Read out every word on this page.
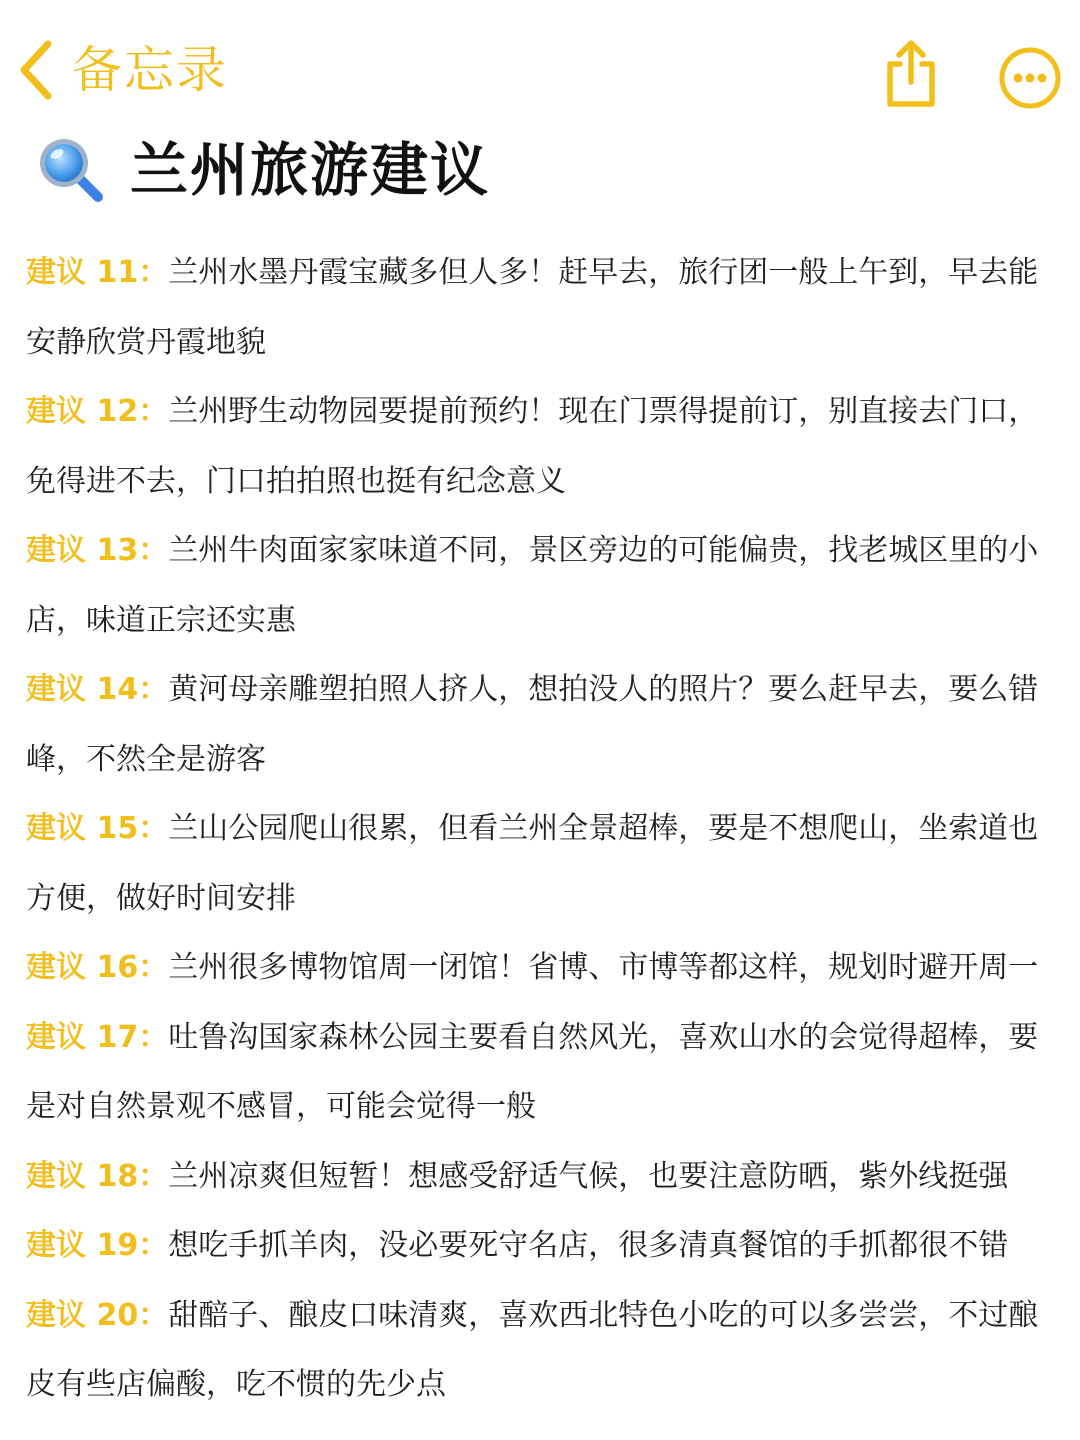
备忘录
兰州旅游建议

建议 11：兰州水墨丹霞宝藏多但人多！赶早去，旅行团一般上午到，早去能安静欣赏丹霞地貌

建议 12：兰州野生动物园要提前预约！现在门票得提前订，别直接去门口，免得进不去，门口拍拍照也挺有纪念意义

建议 13：兰州牛肉面家家味道不同，景区旁边的可能偏贵，找老城区里的小店，味道正宗还实惠

建议 14：黄河母亲雕塑拍照人挤人，想拍没人的照片？要么赶早去，要么错峰，不然全是游客

建议 15：兰山公园爬山很累，但看兰州全景超棒，要是不想爬山，坐索道也方便，做好时间安排

建议 16：兰州很多博物馆周一闭馆！省博、市博等都这样，规划时避开周一

建议 17：吐鲁沟国家森林公园主要看自然风光，喜欢山水的会觉得超棒，要是对自然景观不感冒，可能会觉得一般

建议 18：兰州凉爽但短暂！想感受舒适气候，也要注意防晒，紫外线挺强

建议 19：想吃手抓羊肉，没必要死守名店，很多清真餐馆的手抓都很不错

建议 20：甜醅子、酿皮口味清爽，喜欢西北特色小吃的可以多尝尝，不过酿皮有些店偏酸，吃不惯的先少点
